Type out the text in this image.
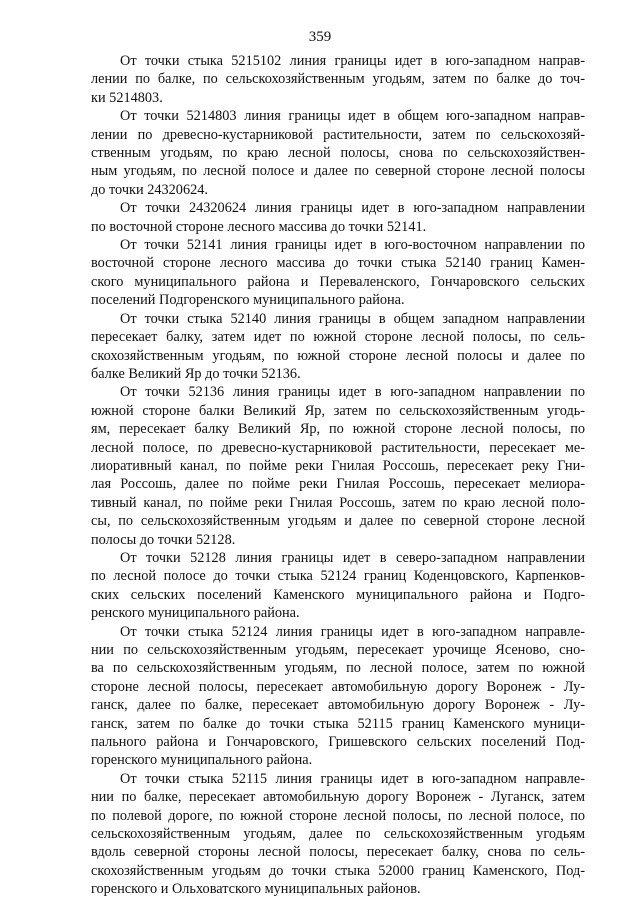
359

От точки стыка 5215102 линия границы идет в юго-западном направ-
лении по балке, по сельскохозяйственным угодьям, затем по балке до точ-
ки 5214803.

От точки 5214803 линия границы идет в общем юго-западном направ-
лении по древесно-кустарниковой растительности, затем по сельскохозяй-
ственным угодьям, по краю лесной полосы, снова по сельскохозяйствен-
ным угодьям, по лесной полосе и далее по северной стороне лесной полосы
до точки 24320624.

От точки 24320624 линия границы идет в юго-западном направлении
по восточной стороне лесного массива до точки 52141.

От точки 52141 линия границы идет в юго-восточном направлении по
восточной стороне лесного массива до точки стыка 52140 границ Камен-
ского муниципального района и Переваленского, Гончаровского сельских
поселений Подгоренского муниципального района.

От точки стыка 52140 линия границы в общем западном направлении
пересекает балку, затем идет по южной стороне лесной полосы, по сель-
скохозяйственным угодьям, по южной стороне лесной полосы и далее по
балке Великий Яр до точки 52136.

От точки 52136 линия границы идет в юго-западном направлении по
южной стороне балки Великий Яр, затем по сельскохозяйственным угодь-
ям, пересекает балку Великий Яр, по южной стороне лесной полосы, по
лесной полосе, по древесно-кустарниковой растительности, пересекает ме-
лиоративный канал, по пойме реки Гнилая Россошь, пересекает реку Гни-
лая Россошь, далее по пойме реки Гнилая Россошь, пересекает мелиора-
тивный канал, по пойме реки Гнилая Россошь, затем по краю лесной поло-
сы, по сельскохозяйственным угодьям и далее по северной стороне лесной
полосы до точки 52128.

От точки 52128 линия границы идет в северо-западном направлении
по лесной полосе до точки стыка 52124 границ Коденцовского, Карпенков-
ских сельских поселений Каменского муниципального района и Подго-
ренского муниципального района.

От точки стыка 52124 линия границы идет в юго-западном направле-
нии по сельскохозяйственным угодьям, пересекает урочище Ясеново, сно-
ва по сельскохозяйственным угодьям, по лесной полосе, затем по южной
стороне лесной полосы, пересекает автомобильную дорогу Воронеж - Лу-
ганск, далее по балке, пересекает автомобильную дорогу Воронеж - Лу-
ганск, затем по балке до точки стыка 52115 границ Каменского муници-
пального района и Гончаровского, Гришевского сельских поселений Под-
горенского муниципального района.

От точки стыка 52115 линия границы идет в юго-западном направле-
нии по балке, пересекает автомобильную дорогу Воронеж - Луганск, затем
по полевой дороге, по южной стороне лесной полосы, по лесной полосе, по
сельскохозяйственным угодьям, далее по сельскохозяйственным угодьям
вдоль северной стороны лесной полосы, пересекает балку, снова по сель-
скохозяйственным угодьям до точки стыка 52000 границ Каменского, Под-
горенского и Ольховатского муниципальных районов.
